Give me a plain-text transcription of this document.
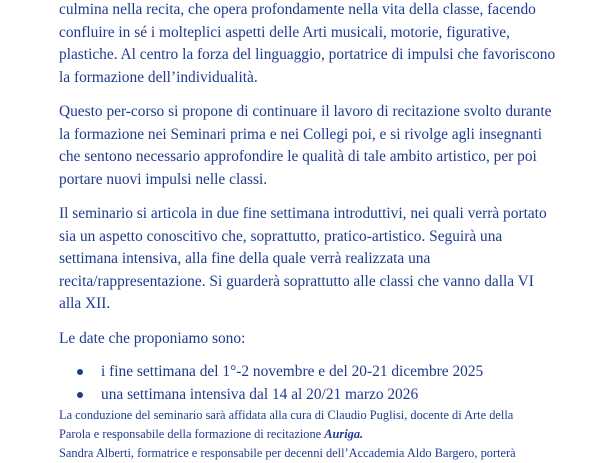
culmina nella recita, che opera profondamente nella vita della classe, facendo
confluire in sé i molteplici aspetti delle Arti musicali, motorie, figurative,
plastiche. Al centro la forza del linguaggio, portatrice di impulsi che favoriscono
la formazione dell’individualità.

Questo per-corso si propone di continuare il lavoro di recitazione svolto durante
la formazione nei Seminari prima e nei Collegi poi, e si rivolge agli insegnanti
che sentono necessario approfondire le qualità di tale ambito artistico, per poi
portare nuovi impulsi nelle classi.

Il seminario si articola in due fine settimana introduttivi, nei quali verrà portato
sia un aspetto conoscitivo che, soprattutto, pratico-artistico. Seguirà una
settimana intensiva, alla fine della quale verrà realizzata una
recita/rappresentazione. Si guarderà soprattutto alle classi che vanno dalla VI
alla XII.

Le date che proponiamo sono:

i fine settimana del 1°-2 novembre e del 20-21 dicembre 2025
una settimana intensiva dal 14 al 20/21 marzo 2026

La conduzione del seminario sarà affidata alla cura di Claudio Puglisi, docente di Arte della
Parola e responsabile della formazione di recitazione Auriga.
Sandra Alberti, formatrice e responsabile per decenni dell’Accademia Aldo Bargero, porterà
